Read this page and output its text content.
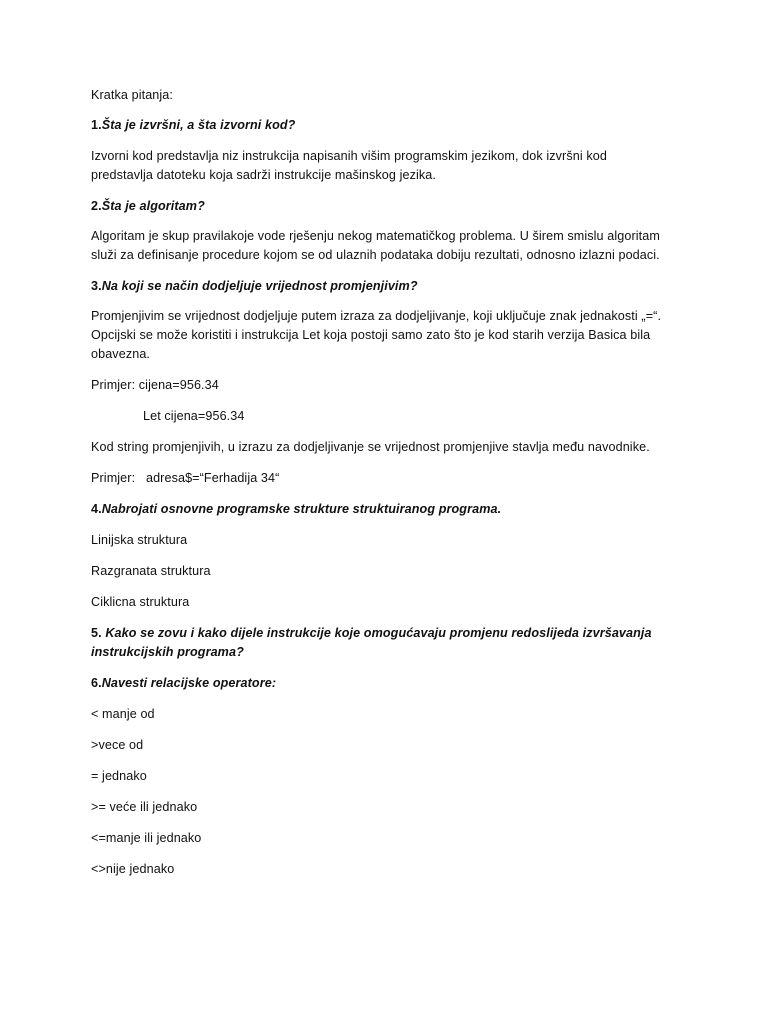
Kratka pitanja:
1.Šta je izvršni, a šta izvorni kod?
Izvorni kod predstavlja niz instrukcija napisanih višim programskim jezikom, dok izvršni kod
predstavlja datoteku koja sadrži instrukcije mašinskog jezika.
2.Šta je algoritam?
Algoritam je skup pravilakoje vode rješenju nekog matematičkog problema. U širem smislu algoritam
služi za definisanje procedure kojom se od ulaznih podataka dobiju rezultati, odnosno izlazni podaci.
3.Na koji se način dodjeljuje vrijednost promjenjivim?
Promjenjivim se vrijednost dodjeljuje putem izraza za dodjeljivanje, koji uključuje znak jednakosti „=“.
Opcijski se može koristiti i instrukcija Let koja postoji samo zato što je kod starih verzija Basica bila
obavezna.
Primjer: cijena=956.34
Let cijena=956.34
Kod string promjenjivih, u izrazu za dodjeljivanje se vrijednost promjenjive stavlja među navodnike.
Primjer:   adresa$=“Ferhadija 34“
4.Nabrojati osnovne programske strukture struktuiranog programa.
Linijska struktura
Razgranata struktura
Ciklicna struktura
5. Kako se zovu i kako dijele instrukcije koje omogućavaju promjenu redoslijeda izvršavanja
instrukcijskih programa?
6.Navesti relacijske operatore:
< manje od
>vece od
= jednako
>= veće ili jednako
<=manje ili jednako
<>nije jednako
